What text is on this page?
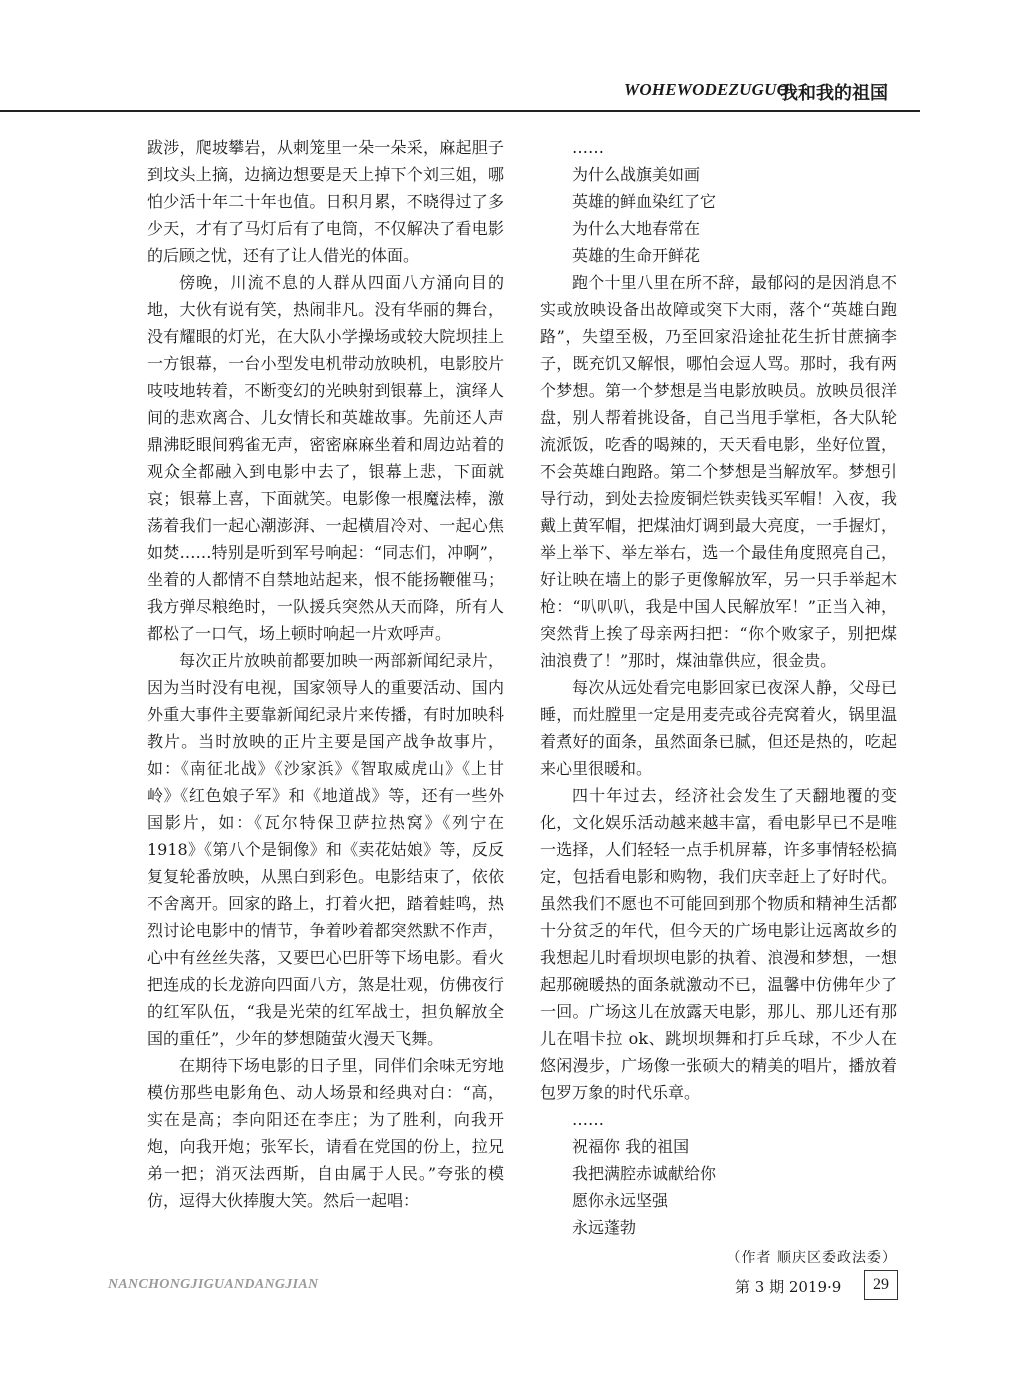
WOHEWODEZUGUO
我和我的祖国

跋涉，爬坡攀岩，从刺笼里一朵一朵采，麻起胆子到坟头上摘，边摘边想要是天上掉下个刘三姐，哪怕少活十年二十年也值。日积月累，不晓得过了多少天，才有了马灯后有了电筒，不仅解决了看电影的后顾之忧，还有了让人借光的体面。

傍晚，川流不息的人群从四面八方涌向目的地，大伙有说有笑，热闹非凡。没有华丽的舞台，没有耀眼的灯光，在大队小学操场或较大院坝挂上一方银幕，一台小型发电机带动放映机，电影胶片吱吱地转着，不断变幻的光映射到银幕上，演绎人间的悲欢离合、儿女情长和英雄故事。先前还人声鼎沸眨眼间鸦雀无声，密密麻麻坐着和周边站着的观众全都融入到电影中去了，银幕上悲，下面就哀；银幕上喜，下面就笑。电影像一根魔法棒，激荡着我们一起心潮澎湃、一起横眉冷对、一起心焦如焚……特别是听到军号响起：“同志们，冲啊”，坐着的人都情不自禁地站起来，恨不能扬鞭催马；我方弹尽粮绝时，一队援兵突然从天而降，所有人都松了一口气，场上顿时响起一片欢呼声。

每次正片放映前都要加映一两部新闻纪录片，因为当时没有电视，国家领导人的重要活动、国内外重大事件主要靠新闻纪录片来传播，有时加映科教片。当时放映的正片主要是国产战争故事片，如：《南征北战》《沙家浜》《智取威虎山》《上甘岭》《红色娘子军》和《地道战》等，还有一些外国影片，如：《瓦尔特保卫萨拉热窝》《列宁在 1918》《第八个是铜像》和《卖花姑娘》等，反反复复轮番放映，从黑白到彩色。电影结束了，依依不舍离开。回家的路上，打着火把，踏着蛙鸣，热烈讨论电影中的情节，争着吵着都突然默不作声，心中有丝丝失落，又要巴心巴肝等下场电影。看火把连成的长龙游向四面八方，煞是壮观，仿佛夜行的红军队伍，“我是光荣的红军战士，担负解放全国的重任”，少年的梦想随萤火漫天飞舞。

在期待下场电影的日子里，同伴们余味无穷地模仿那些电影角色、动人场景和经典对白：“高，实在是高；李向阳还在李庄；为了胜利，向我开炮，向我开炮；张军长，请看在党国的份上，拉兄弟一把；消灭法西斯，自由属于人民。”夸张的模仿，逗得大伙捧腹大笑。然后一起唱：

……

为什么战旗美如画

英雄的鲜血染红了它

为什么大地春常在

英雄的生命开鲜花

跑个十里八里在所不辞，最郁闷的是因消息不实或放映设备出故障或突下大雨，落个“英雄白跑路”，失望至极，乃至回家沿途扯花生折甘蔗摘李子，既充饥又解恨，哪怕会逗人骂。那时，我有两个梦想。第一个梦想是当电影放映员。放映员很洋盘，别人帮着挑设备，自己当甩手掌柜，各大队轮流派饭，吃香的喝辣的，天天看电影，坐好位置，不会英雄白跑路。第二个梦想是当解放军。梦想引导行动，到处去捡废铜烂铁卖钱买军帽！入夜，我戴上黄军帽，把煤油灯调到最大亮度，一手握灯，举上举下、举左举右，选一个最佳角度照亮自己，好让映在墙上的影子更像解放军，另一只手举起木枪：“叭叭叭，我是中国人民解放军！”正当入神，突然背上挨了母亲两扫把：“你个败家子，别把煤油浪费了！”那时，煤油靠供应，很金贵。

每次从远处看完电影回家已夜深人静，父母已睡，而灶膛里一定是用麦壳或谷壳窝着火，锅里温着煮好的面条，虽然面条已腻，但还是热的，吃起来心里很暖和。

四十年过去，经济社会发生了天翻地覆的变化，文化娱乐活动越来越丰富，看电影早已不是唯一选择，人们轻轻一点手机屏幕，许多事情轻松搞定，包括看电影和购物，我们庆幸赶上了好时代。虽然我们不愿也不可能回到那个物质和精神生活都十分贫乏的年代，但今天的广场电影让远离故乡的我想起儿时看坝坝电影的执着、浪漫和梦想，一想起那碗暖热的面条就激动不已，温馨中仿佛年少了一回。广场这儿在放露天电影，那儿、那儿还有那儿在唱卡拉 ok、跳坝坝舞和打乒乓球，不少人在悠闲漫步，广场像一张硕大的精美的唱片，播放着包罗万象的时代乐章。

……

祝福你 我的祖国

我把满腔赤诚献给你

愿你永远坚强

永远蓬勃

（作者 顺庆区委政法委）

NANCHONGJIGUANDANGJIAN	第 3 期 2019·9	29
